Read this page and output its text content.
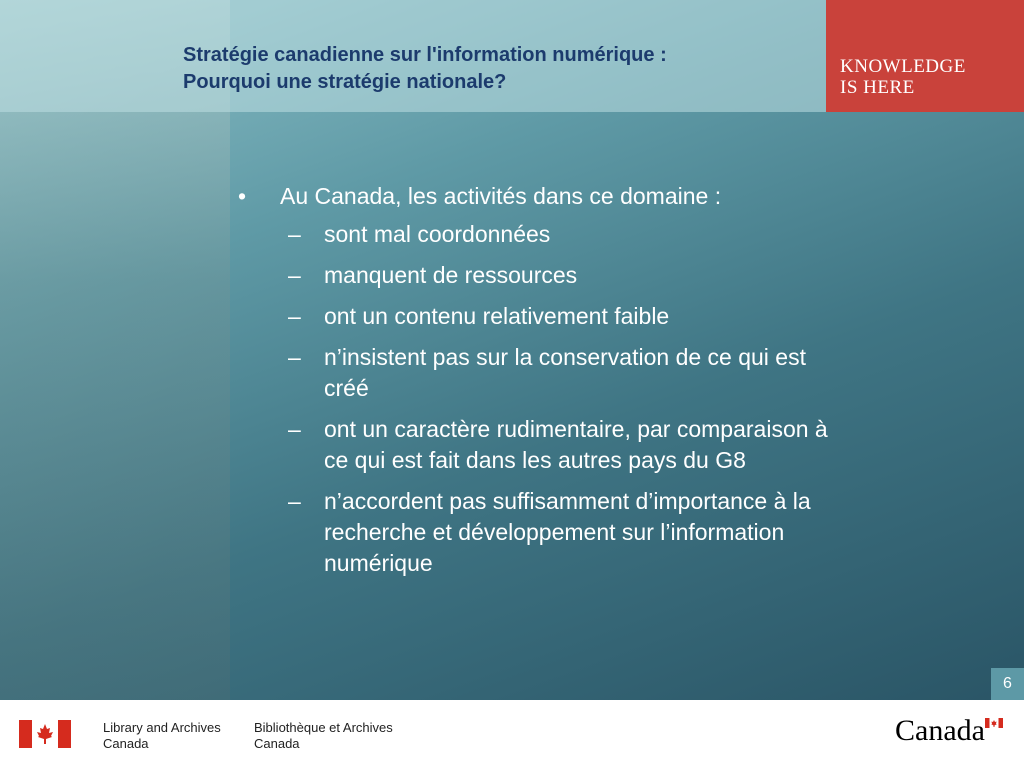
Stratégie canadienne sur l'information numérique :
Pourquoi une stratégie nationale?
KNOWLEDGE
IS HERE
•	Au Canada, les activités dans ce domaine :
–	sont mal coordonnées
–	manquent de ressources
–	ont un contenu relativement faible
–	n’insistent pas sur la conservation de ce qui est
créé
–	ont un caractère rudimentaire, par comparaison à
ce qui est fait dans les autres pays du G8
–	n’accordent pas suffisamment d’importance à la
recherche et développement sur l’information
numérique
6
Library and Archives
Canada
Bibliothèque et Archives
Canada	Canada
